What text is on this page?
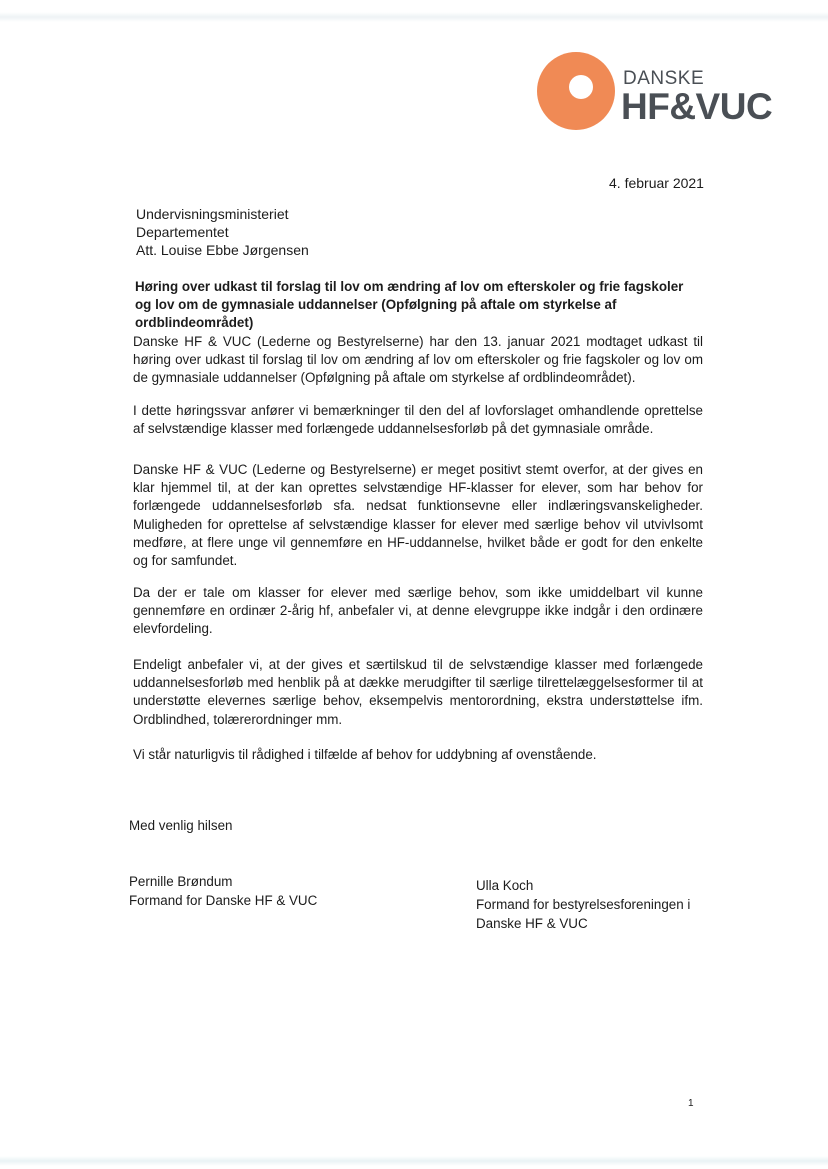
DANSKE
HF&VUC
4. februar 2021
Undervisningsministeriet
Departementet
Att. Louise Ebbe Jørgensen
Høring over udkast til forslag til lov om ændring af lov om efterskoler og frie fagskoler og lov om de gymnasiale uddannelser (Opfølgning på aftale om styrkelse af ordblindeområdet)
Danske HF & VUC (Lederne og Bestyrelserne) har den 13. januar 2021 modtaget udkast til høring over udkast til forslag til lov om ændring af lov om efterskoler og frie fagskoler og lov om de gymnasiale uddannelser (Opfølgning på aftale om styrkelse af ordblindeområdet).
I dette høringssvar anfører vi bemærkninger til den del af lovforslaget omhandlende oprettelse af selvstændige klasser med forlængede uddannelsesforløb på det gymnasiale område.
Danske HF & VUC (Lederne og Bestyrelserne) er meget positivt stemt overfor, at der gives en klar hjemmel til, at der kan oprettes selvstændige HF-klasser for elever, som har behov for forlængede uddannelsesforløb sfa. nedsat funktionsevne eller indlæringsvanskeligheder. Muligheden for oprettelse af selvstændige klasser for elever med særlige behov vil utvivlsomt medføre, at flere unge vil gennemføre en HF-uddannelse, hvilket både er godt for den enkelte og for samfundet.
Da der er tale om klasser for elever med særlige behov, som ikke umiddelbart vil kunne gennemføre en ordinær 2-årig hf, anbefaler vi, at denne elevgruppe ikke indgår i den ordinære elevfordeling.
Endeligt anbefaler vi, at der gives et særtilskud til de selvstændige klasser med forlængede uddannelsesforløb med henblik på at dække merudgifter til særlige tilrettelæggelsesformer til at understøtte elevernes særlige behov, eksempelvis mentorordning, ekstra understøttelse ifm. Ordblindhed, tolærerordninger mm.
Vi står naturligvis til rådighed i tilfælde af behov for uddybning af ovenstående.
Med venlig hilsen
Pernille Brøndum
Formand for Danske HF & VUC
Ulla Koch
Formand for bestyrelsesforeningen i
Danske HF & VUC
1
